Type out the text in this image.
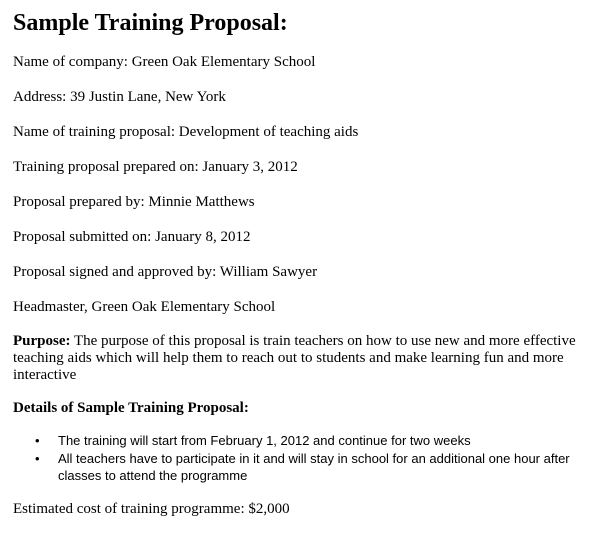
Sample Training Proposal:
Name of company: Green Oak Elementary School
Address: 39 Justin Lane, New York
Name of training proposal: Development of teaching aids
Training proposal prepared on: January 3, 2012
Proposal prepared by: Minnie Matthews
Proposal submitted on: January 8, 2012
Proposal signed and approved by: William Sawyer
Headmaster, Green Oak Elementary School
Purpose: The purpose of this proposal is train teachers on how to use new and more effective teaching aids which will help them to reach out to students and make learning fun and more interactive
Details of Sample Training Proposal:
• The training will start from February 1, 2012 and continue for two weeks
• All teachers have to participate in it and will stay in school for an additional one hour after classes to attend the programme
Estimated cost of training programme: $2,000
